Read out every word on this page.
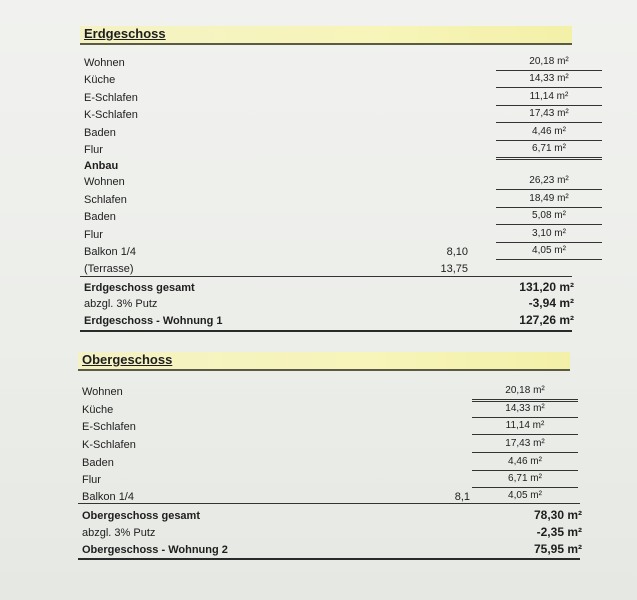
Erdgeschoss
Wohnen	20,18 m²
Küche	14,33 m²
E-Schlafen	11,14 m²
K-Schlafen	17,43 m²
Baden	4,46 m²
Flur	6,71 m²
Anbau
Wohnen	26,23 m²
Schlafen	18,49 m²
Baden	5,08 m²
Flur	3,10 m²
Balkon 1/4	8,10	4,05 m²
(Terrasse)	13,75
Erdgeschoss gesamt	131,20 m²
abzgl. 3% Putz	-3,94 m²
Erdgeschoss - Wohnung 1	127,26 m²
Obergeschoss
Wohnen	20,18 m²
Küche	14,33 m²
E-Schlafen	11,14 m²
K-Schlafen	17,43 m²
Baden	4,46 m²
Flur	6,71 m²
Balkon 1/4	8,1	4,05 m²
Obergeschoss gesamt	78,30 m²
abzgl. 3% Putz	-2,35 m²
Obergeschoss - Wohnung 2	75,95 m²
